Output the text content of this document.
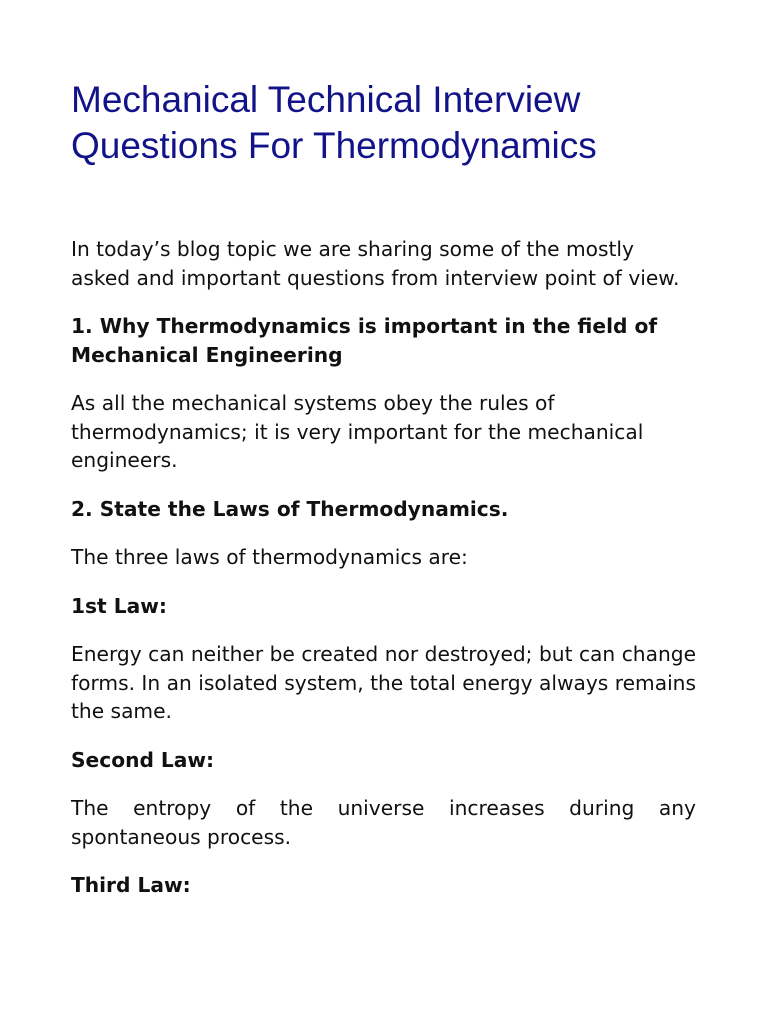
Mechanical Technical Interview Questions For Thermodynamics

In today’s blog topic we are sharing some of the mostly asked and important questions from interview point of view.

1. Why Thermodynamics is important in the field of Mechanical Engineering

As all the mechanical systems obey the rules of thermodynamics; it is very important for the mechanical engineers.

2. State the Laws of Thermodynamics.

The three laws of thermodynamics are:

1st Law:

Energy can neither be created nor destroyed; but can change forms. In an isolated system, the total energy always remains the same.

Second Law:

The entropy of the universe increases during any spontaneous process.

Third Law:
